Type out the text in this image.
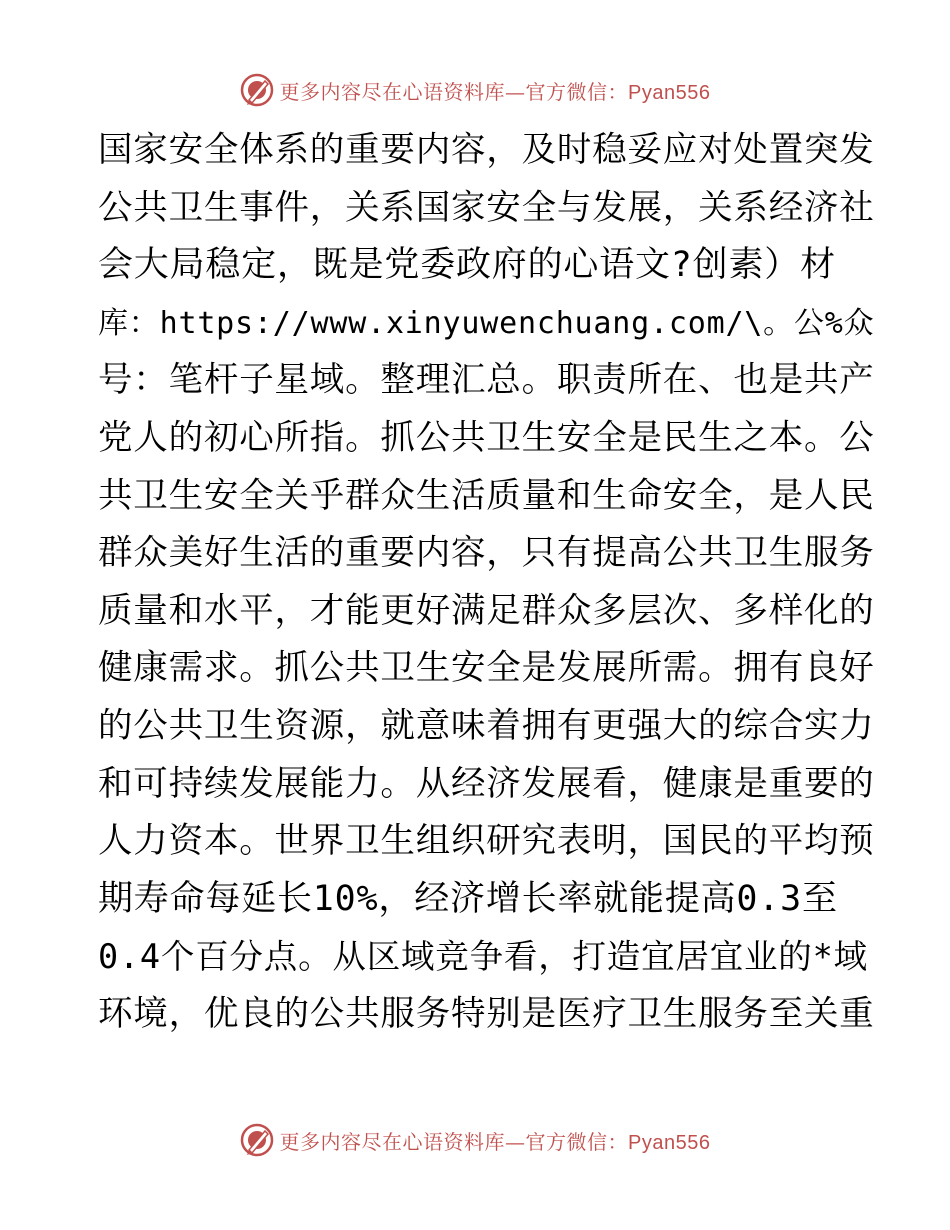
更多内容尽在心语资料库—官方微信：Pyan556
国家安全体系的重要内容，及时稳妥应对处置突发
公共卫生事件，关系国家安全与发展，关系经济社
会大局稳定，既是党委政府的心语文?创素）材
库：https://www.xinyuwenchuang.com/\。公%众
号：笔杆子星域。整理汇总。职责所在、也是共产
党人的初心所指。抓公共卫生安全是民生之本。公
共卫生安全关乎群众生活质量和生命安全，是人民
群众美好生活的重要内容，只有提高公共卫生服务
质量和水平，才能更好满足群众多层次、多样化的
健康需求。抓公共卫生安全是发展所需。拥有良好
的公共卫生资源，就意味着拥有更强大的综合实力
和可持续发展能力。从经济发展看，健康是重要的
人力资本。世界卫生组织研究表明，国民的平均预
期寿命每延长10%，经济增长率就能提高0.3至
0.4个百分点。从区域竞争看，打造宜居宜业的*域
环境，优良的公共服务特别是医疗卫生服务至关重
更多内容尽在心语资料库—官方微信：Pyan556
